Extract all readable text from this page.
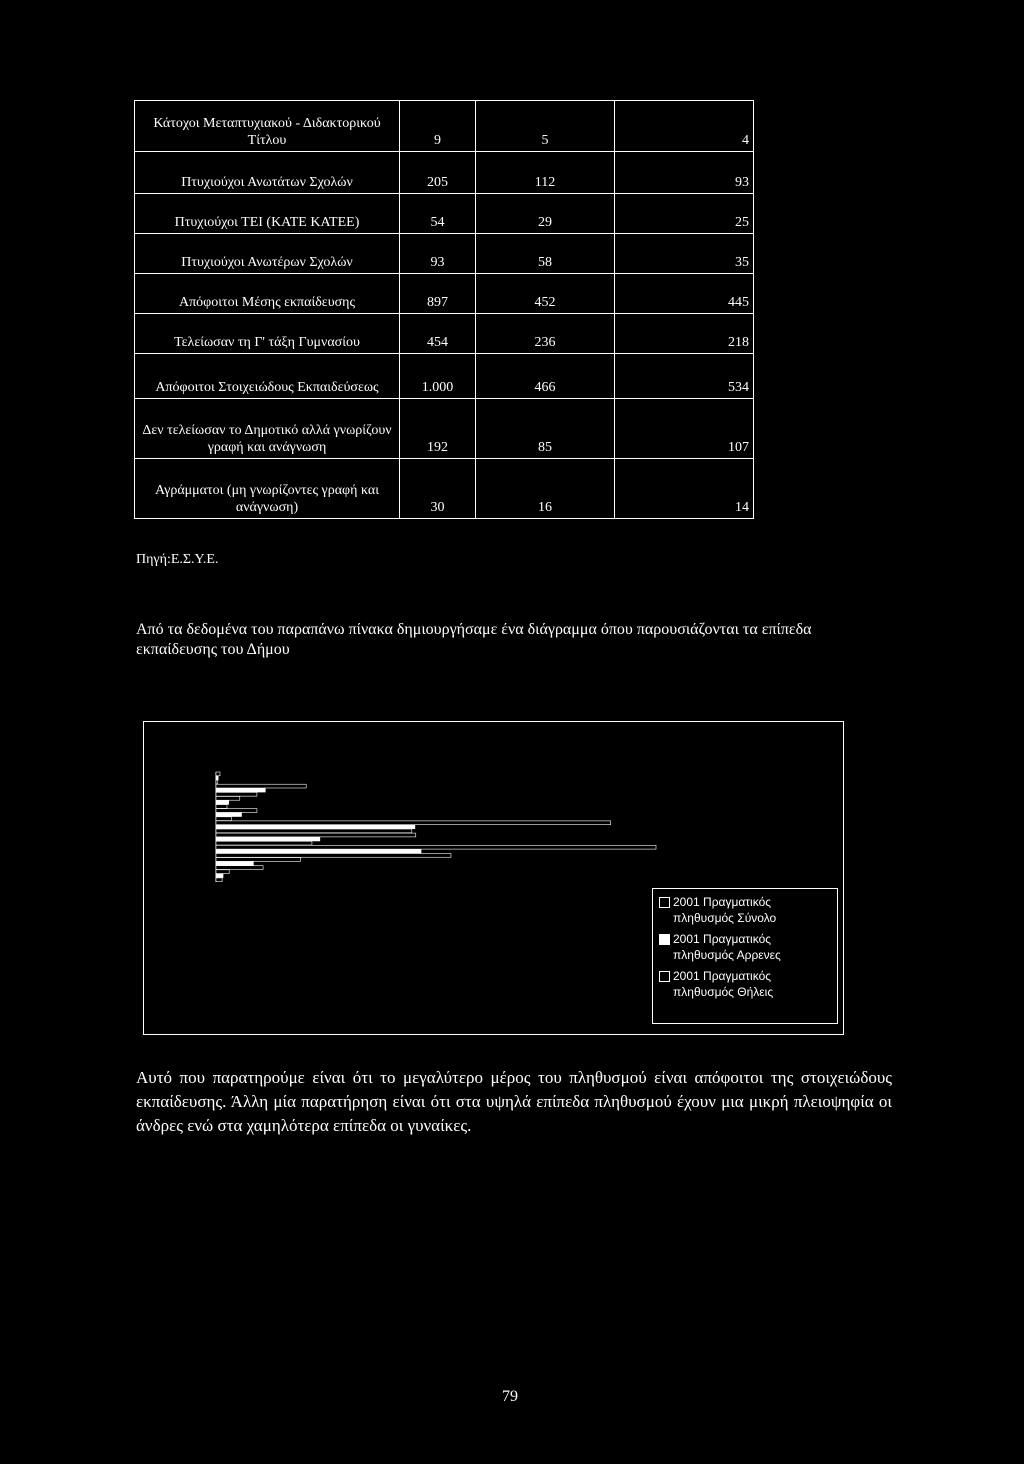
Κάτοχοι Μεταπτυχιακού - Διδακτορικού Τίτλου	9	5	4
Πτυχιούχοι Ανωτάτων Σχολών	205	112	93
Πτυχιούχοι ΤΕΙ (ΚΑΤΕ ΚΑΤΕΕ)	54	29	25
Πτυχιούχοι Ανωτέρων Σχολών	93	58	35
Απόφοιτοι Μέσης εκπαίδευσης	897	452	445
Τελείωσαν τη Γ' τάξη Γυμνασίου	454	236	218
Απόφοιτοι Στοιχειώδους Εκπαιδεύσεως	1.000	466	534
Δεν τελείωσαν το Δημοτικό αλλά γνωρίζουν γραφή και ανάγνωση	192	85	107
Αγράμματοι (μη γνωρίζοντες γραφή και ανάγνωση)	30	16	14
Πηγή:Ε.Σ.Υ.Ε.
Από τα δεδομένα του παραπάνω πίνακα δημιουργήσαμε ένα διάγραμμα όπου παρουσιάζονται τα επίπεδα εκπαίδευσης του Δήμου
2001 Πραγματικός πληθυσμός Σύνολο
2001 Πραγματικός πληθυσμός Αρρενες
2001 Πραγματικός πληθυσμός Θήλεις
Αυτό που παρατηρούμε είναι ότι το μεγαλύτερο μέρος του πληθυσμού είναι απόφοιτοι της στοιχειώδους εκπαίδευσης. Άλλη μία παρατήρηση είναι ότι στα υψηλά επίπεδα πληθυσμού έχουν μια μικρή πλειοψηφία οι άνδρες ενώ στα χαμηλότερα επίπεδα οι γυναίκες.
79
